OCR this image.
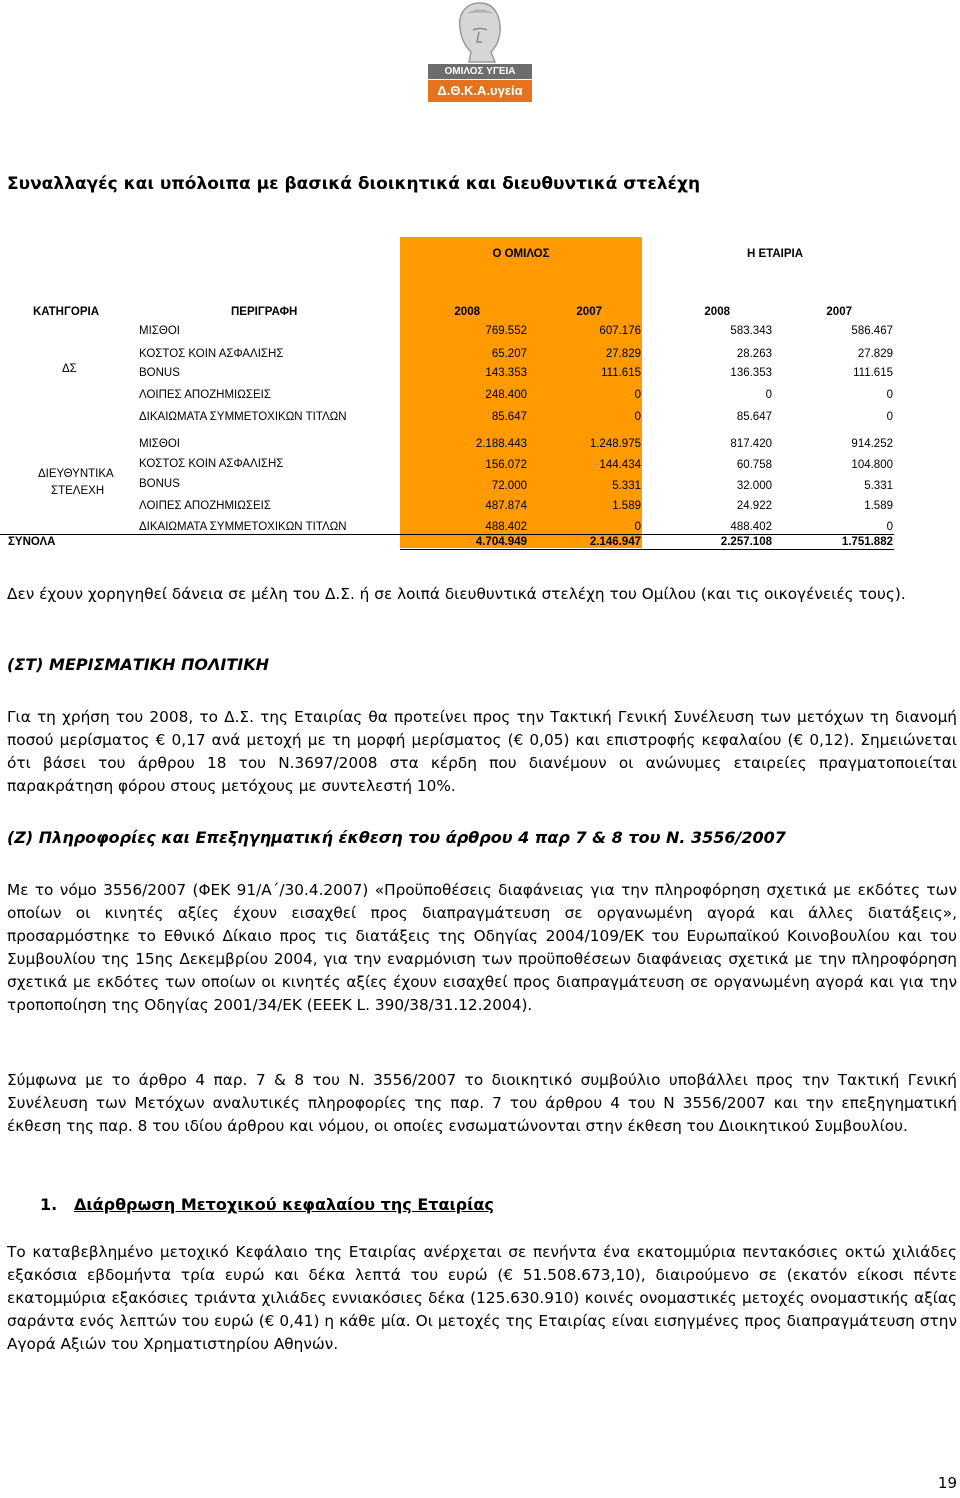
ΟΜΙΛΟΣ ΥΓΕΙΑ
Δ.Θ.Κ.Α.υγεία
Συναλλαγές και υπόλοιπα με βασικά διοικητικά και διευθυντικά στελέχη
Ο ΟΜΙΛΟΣ	Η ΕΤΑΙΡΙΑ
ΚΑΤΗΓΟΡΙΑ	ΠΕΡΙΓΡΑΦΗ	2008	2007	2008	2007
ΔΣ
ΜΙΣΘΟΙ	769.552	607.176	583.343	586.467
ΚΟΣΤΟΣ ΚΟΙΝ ΑΣΦΑΛΙΣΗΣ	65.207	27.829	28.263	27.829
BONUS	143.353	111.615	136.353	111.615
ΛΟΙΠΕΣ ΑΠΟΖΗΜΙΩΣΕΙΣ	248.400	0	0	0
ΔΙΚΑΙΩΜΑΤΑ ΣΥΜΜΕΤΟΧΙΚΩΝ ΤΙΤΛΩΝ	85.647	0	85.647	0
ΔΙΕΥΘΥΝΤΙΚΑ
ΣΤΕΛΕΧΗ
ΜΙΣΘΟΙ	2.188.443	1.248.975	817.420	914.252
ΚΟΣΤΟΣ ΚΟΙΝ ΑΣΦΑΛΙΣΗΣ	156.072	144.434	60.758	104.800
BONUS	72.000	5.331	32.000	5.331
ΛΟΙΠΕΣ ΑΠΟΖΗΜΙΩΣΕΙΣ	487.874	1.589	24.922	1.589
ΔΙΚΑΙΩΜΑΤΑ ΣΥΜΜΕΤΟΧΙΚΩΝ ΤΙΤΛΩΝ	488.402	0	488.402	0
ΣΥΝΟΛΑ	4.704.949	2.146.947	2.257.108	1.751.882

Δεν έχουν χορηγηθεί δάνεια σε μέλη του Δ.Σ. ή σε λοιπά διευθυντικά στελέχη του Ομίλου (και τις οικογένειές τους).

(ΣΤ) ΜΕΡΙΣΜΑΤΙΚΗ ΠΟΛΙΤΙΚΗ

Για τη χρήση του 2008, το Δ.Σ. της Εταιρίας θα προτείνει προς την Τακτική Γενική Συνέλευση των μετόχων τη διανομή ποσού μερίσματος € 0,17 ανά μετοχή με τη μορφή μερίσματος (€ 0,05) και επιστροφής κεφαλαίου (€ 0,12). Σημειώνεται ότι βάσει του άρθρου 18 του Ν.3697/2008 στα κέρδη που διανέμουν οι ανώνυμες εταιρείες πραγματοποιείται παρακράτηση φόρου στους μετόχους με συντελεστή 10%.

(Ζ) Πληροφορίες και Επεξηγηματική έκθεση του άρθρου 4 παρ 7 & 8 του Ν. 3556/2007

Με το νόμο 3556/2007 (ΦΕΚ 91/Α΄/30.4.2007) «Προϋποθέσεις διαφάνειας για την πληροφόρηση σχετικά με εκδότες των οποίων οι κινητές αξίες έχουν εισαχθεί προς διαπραγμάτευση σε οργανωμένη αγορά και άλλες διατάξεις», προσαρμόστηκε το Εθνικό Δίκαιο προς τις διατάξεις της Οδηγίας 2004/109/ΕΚ του Ευρωπαϊκού Κοινοβουλίου και του Συμβουλίου της 15ης Δεκεμβρίου 2004, για την εναρμόνιση των προϋποθέσεων διαφάνειας σχετικά με την πληροφόρηση σχετικά με εκδότες των οποίων οι κινητές αξίες έχουν εισαχθεί προς διαπραγμάτευση σε οργανωμένη αγορά και για την τροποποίηση της Οδηγίας 2001/34/ΕΚ (ΕΕΕΚ L. 390/38/31.12.2004).

Σύμφωνα με το άρθρο 4 παρ. 7 & 8 του Ν. 3556/2007 το διοικητικό συμβούλιο υποβάλλει προς την Τακτική Γενική Συνέλευση των Μετόχων αναλυτικές πληροφορίες της παρ. 7 του άρθρου 4 του Ν 3556/2007 και την επεξηγηματική έκθεση της παρ. 8 του ιδίου άρθρου και νόμου, οι οποίες ενσωματώνονται στην έκθεση του Διοικητικού Συμβουλίου.

1. Διάρθρωση Μετοχικού κεφαλαίου της Εταιρίας

Το καταβεβλημένο μετοχικό Κεφάλαιο της Εταιρίας ανέρχεται σε πενήντα ένα εκατομμύρια πεντακόσιες οκτώ χιλιάδες εξακόσια εβδομήντα τρία ευρώ και δέκα λεπτά του ευρώ (€ 51.508.673,10), διαιρούμενο σε (εκατόν είκοσι πέντε εκατομμύρια εξακόσιες τριάντα χιλιάδες εννιακόσιες δέκα (125.630.910) κοινές ονομαστικές μετοχές ονομαστικής αξίας σαράντα ενός λεπτών του ευρώ (€ 0,41) η κάθε μία. Οι μετοχές της Εταιρίας είναι εισηγμένες προς διαπραγμάτευση στην Αγορά Αξιών του Χρηματιστηρίου Αθηνών.

19
